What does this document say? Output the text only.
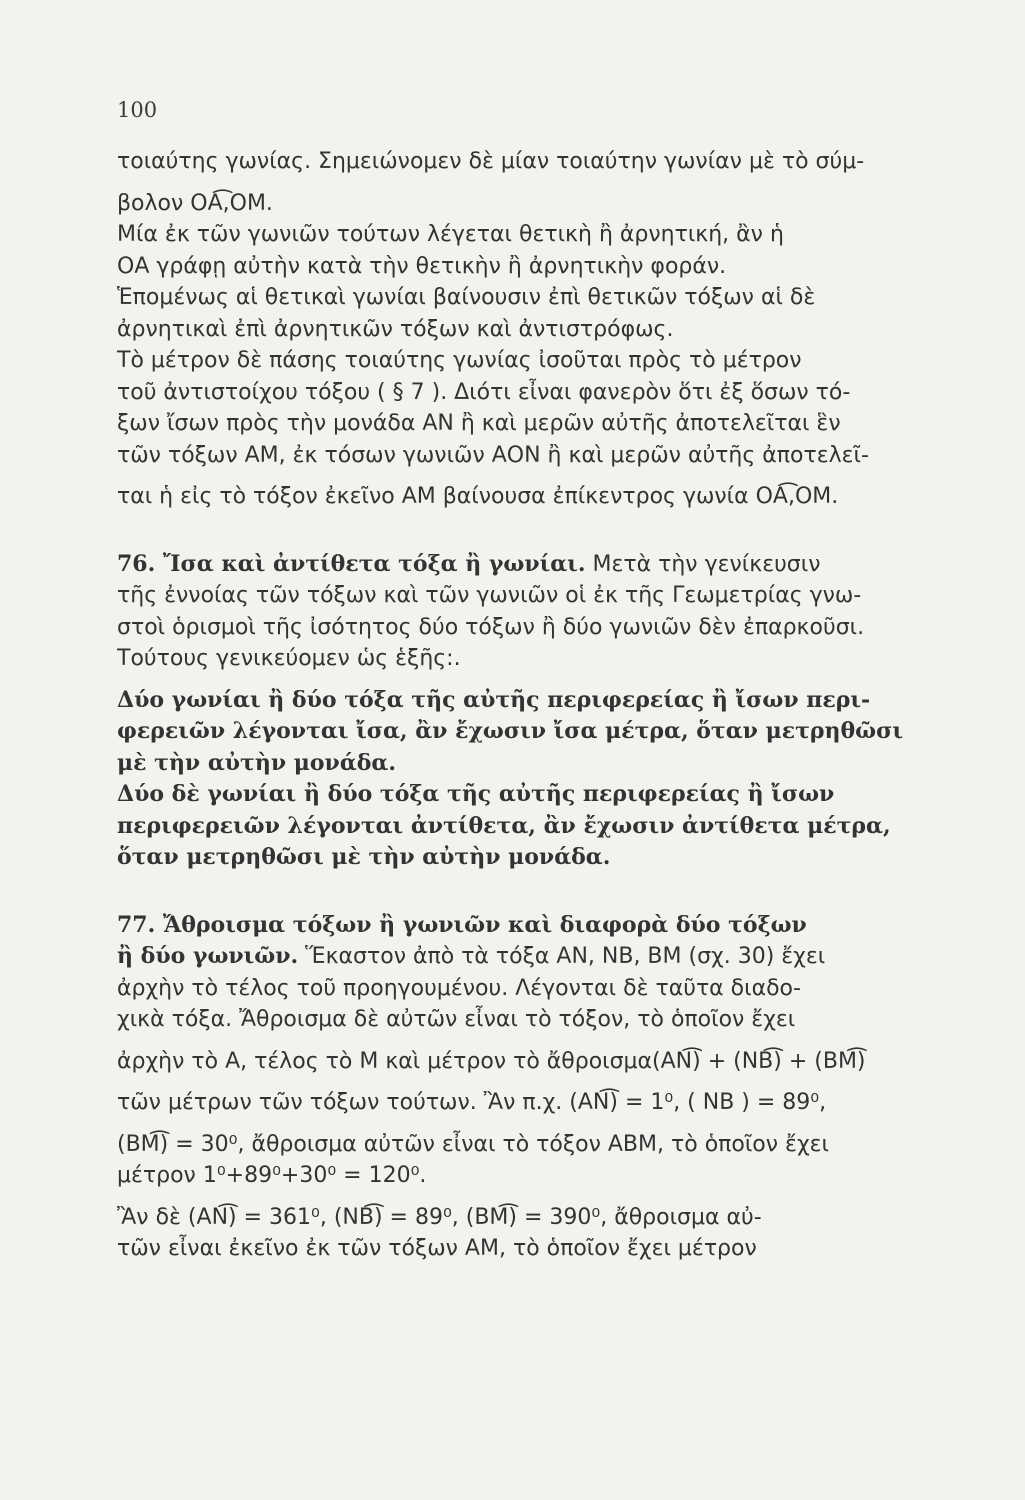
100
τοιαύτης γωνίας. Σημειώνομεν δὲ μίαν τοιαύτην γωνίαν μὲ τὸ σύμ-
βολον ΟΑ͡,ΟΜ.
Μία ἐκ τῶν γωνιῶν τούτων λέγεται θετικὴ ἢ ἀρνητική, ἂν ἡ
ΟΑ γράφῃ αὐτὴν κατὰ τὴν θετικὴν ἢ ἀρνητικὴν φοράν.
Ἑπομένως αἱ θετικαὶ γωνίαι βαίνουσιν ἐπὶ θετικῶν τόξων αἱ δὲ
ἀρνητικαὶ ἐπὶ ἀρνητικῶν τόξων καὶ ἀντιστρόφως.
Τὸ μέτρον δὲ πάσης τοιαύτης γωνίας ἰσοῦται πρὸς τὸ μέτρον
τοῦ ἀντιστοίχου τόξου ( § 7 ). Διότι εἶναι φανερὸν ὅτι ἐξ ὅσων τό-
ξων ἴσων πρὸς τὴν μονάδα ΑΝ ἢ καὶ μερῶν αὐτῆς ἀποτελεῖται ἓν
τῶν τόξων ΑΜ, ἐκ τόσων γωνιῶν ΑΟΝ ἢ καὶ μερῶν αὐτῆς ἀποτελεῖ-
ται ἡ εἰς τὸ τόξον ἐκεῖνο ΑΜ βαίνουσα ἐπίκεντρος γωνία ΟΑ͡,ΟΜ.
76. Ἴσα καὶ ἀντίθετα τόξα ἢ γωνίαι. Μετὰ τὴν γενίκευσιν
τῆς ἐννοίας τῶν τόξων καὶ τῶν γωνιῶν οἱ ἐκ τῆς Γεωμετρίας γνω-
στοὶ ὁρισμοὶ τῆς ἰσότητος δύο τόξων ἢ δύο γωνιῶν δὲν ἐπαρκοῦσι.
Τούτους γενικεύομεν ὡς ἑξῆς:.
Δύο γωνίαι ἢ δύο τόξα τῆς αὐτῆς περιφερείας ἢ ἴσων περι-
φερειῶν λέγονται ἴσα, ἂν ἔχωσιν ἴσα μέτρα, ὅταν μετρηθῶσι
μὲ τὴν αὐτὴν μονάδα.
Δύο δὲ γωνίαι ἢ δύο τόξα τῆς αὐτῆς περιφερείας ἢ ἴσων
περιφερειῶν λέγονται ἀντίθετα, ἂν ἔχωσιν ἀντίθετα μέτρα,
ὅταν μετρηθῶσι μὲ τὴν αὐτὴν μονάδα.
77. Ἄθροισμα τόξων ἢ γωνιῶν καὶ διαφορὰ δύο τόξων
ἢ δύο γωνιῶν. Ἕκαστον ἀπὸ τὰ τόξα ΑΝ, ΝΒ, ΒΜ (σχ. 30) ἔχει
ἀρχὴν τὸ τέλος τοῦ προηγουμένου. Λέγονται δὲ ταῦτα διαδο-
χικὰ τόξα. Ἄθροισμα δὲ αὐτῶν εἶναι τὸ τόξον, τὸ ὁποῖον ἔχει
ἀρχὴν τὸ Α, τέλος τὸ Μ καὶ μέτρον τὸ ἄθροισμα(ΑΝ͡) + (ΝΒ͡) + (ΒΜ͡)
τῶν μέτρων τῶν τόξων τούτων. Ἂν π.χ. (ΑΝ͡) = 1⁰, ( ΝΒ ) = 89⁰,
(ΒΜ͡) = 30⁰, ἄθροισμα αὐτῶν εἶναι τὸ τόξον ΑΒΜ, τὸ ὁποῖον ἔχει
μέτρον 1⁰+89⁰+30⁰ = 120⁰.
Ἂν δὲ (ΑΝ͡) = 361⁰, (ΝΒ͡) = 89⁰, (ΒΜ͡) = 390⁰, ἄθροισμα αὐ-
τῶν εἶναι ἐκεῖνο ἐκ τῶν τόξων ΑΜ, τὸ ὁποῖον ἔχει μέτρον
